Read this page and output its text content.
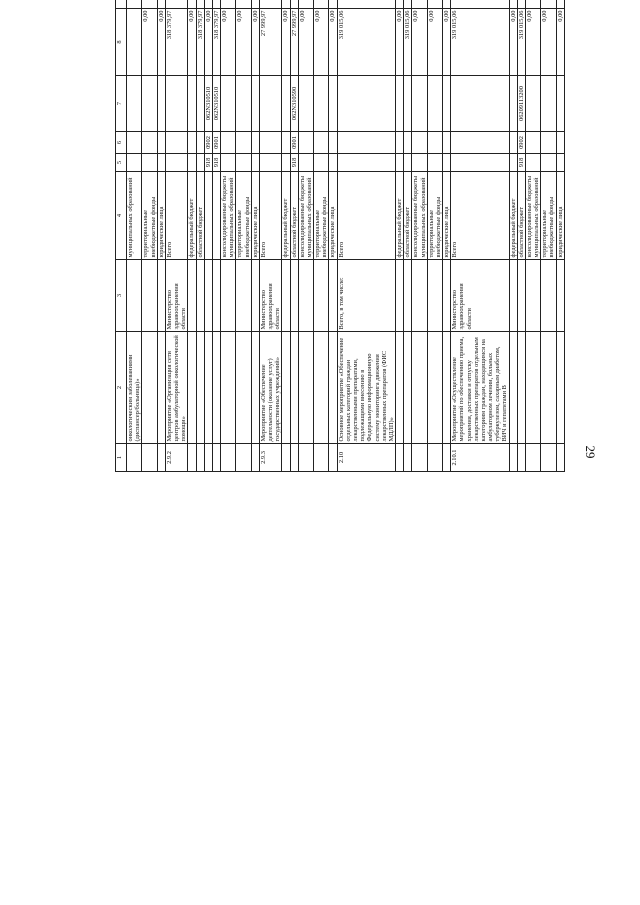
29
1	2	3	4	5	6	7	8					
	онкологическим заболеваниями (диспансер/больница)»		муниципальных образований									
			территориальные внебюджетные фонды				0,00					
			юридические лица				0,00					
2.9.2	Мероприятие «Организация сети центров амбулаторной онкологической помощи»	Министерство здравоохранения области	Всего				318 379,97					
			федеральный бюджет				0,00					
			областной бюджет				318 379,97					
				918	0902	062N310510	0,00					
				918	0901	062N310510	318 379,97					
			консолидированные бюджеты муниципальных образований				0,00					
			территориальные внебюджетные фонды				0,00					
			юридические лица				0,00					
2.9.3	Мероприятие «Обеспечение деятельности (оказание услуг) государственных учреждений»	Министерство здравоохранения области	Всего				27 999,97					
			федеральный бюджет				0,00					
			областной бюджет	918	0901	062N310590	27 999,97					
			консолидированные бюджеты муниципальных образований				0,00					
			территориальные внебюджетные фонды				0,00					
			юридические лица				0,00					
2.10	Основное мероприятие «Обеспечение отдельных категорий граждан лекарственными препаратами, подлежащими внесению в Федеральную информационную систему мониторинга движения лекарственных препаратов (ФИС МДЛП)»	Всего, в том числе:	Всего				319 015,06					
			федеральный бюджет				0,00					
			областной бюджет				319 015,06					
			консолидированные бюджеты муниципальных образований				0,00					
			территориальные внебюджетные фонды				0,00					
			юридические лица				0,00					
2.10.1	Мероприятие «Осуществление мероприятий по обеспечению приема, хранения, доставки и отпуску лекарственных препаратов отдельным категориям граждан, находящимся на амбулаторном лечении, больных туберкулезом, сахарным диабетом, ВИЧ и гепатитами В	Министерство здравоохранения области	Всего				319 015,06					
			федеральный бюджет				0,00					
			областной бюджет	918	0902	06209113200	319 015,06					
			консолидированные бюджеты муниципальных образований				0,00					
			территориальные внебюджетные фонды				0,00					
			юридические лица				0,00					
